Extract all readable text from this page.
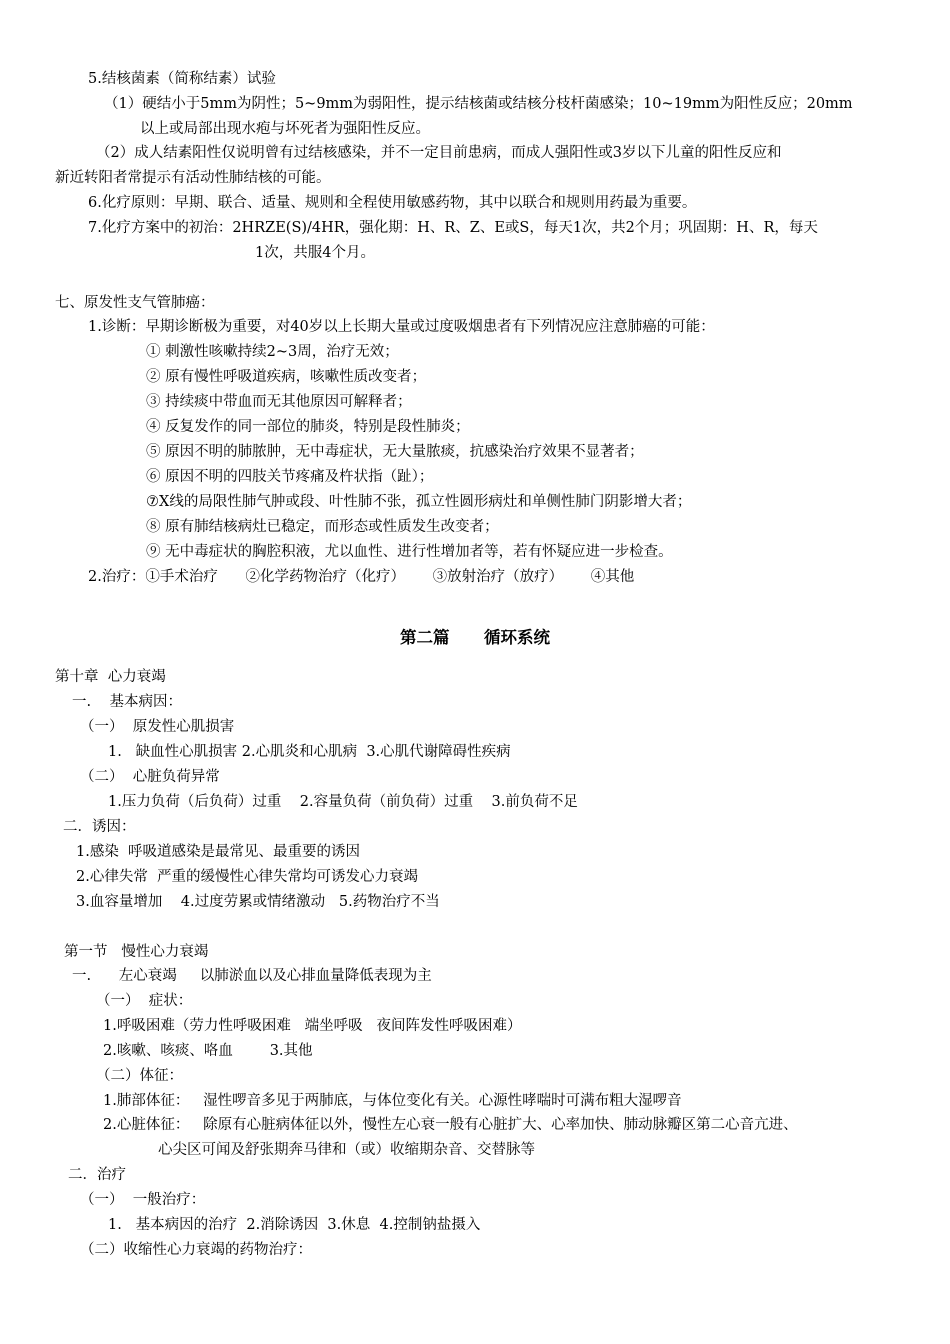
第二篇      循环系统
5.结核菌素（简称结素）试验
（1）硬结小于5mm为阴性；5~9mm为弱阳性，提示结核菌或结核分枝杆菌感染；10~19mm为阳性反应；20mm
以上或局部出现水疱与坏死者为强阳性反应。
（2）成人结素阳性仅说明曾有过结核感染，并不一定目前患病，而成人强阳性或3岁以下儿童的阳性反应和
新近转阳者常提示有活动性肺结核的可能。
6.化疗原则：早期、联合、适量、规则和全程使用敏感药物，其中以联合和规则用药最为重要。
7.化疗方案中的初治：2HRZE(S)/4HR，强化期：H、R、Z、E或S，每天1次，共2个月；巩固期：H、R，每天
1次，共服4个月。
七、原发性支气管肺癌：
1.诊断：早期诊断极为重要，对40岁以上长期大量或过度吸烟患者有下列情况应注意肺癌的可能：
① 刺激性咳嗽持续2~3周，治疗无效；
② 原有慢性呼吸道疾病，咳嗽性质改变者；
③ 持续痰中带血而无其他原因可解释者；
④ 反复发作的同一部位的肺炎，特别是段性肺炎；
⑤ 原因不明的肺脓肿，无中毒症状，无大量脓痰，抗感染治疗效果不显著者；
⑥ 原因不明的四肢关节疼痛及杵状指（趾）；
⑦X线的局限性肺气肿或段、叶性肺不张，孤立性圆形病灶和单侧性肺门阴影增大者；
⑧ 原有肺结核病灶已稳定，而形态或性质发生改变者；
⑨ 无中毒症状的胸腔积液，尤以血性、进行性增加者等，若有怀疑应进一步检查。
2.治疗：①手术治疗      ②化学药物治疗（化疗）      ③放射治疗（放疗）      ④其他
第十章  心力衰竭
一.    基本病因：
（一）  原发性心肌损害
1.   缺血性心肌损害 2.心肌炎和心肌病  3.心肌代谢障碍性疾病
（二）  心脏负荷异常
1.压力负荷（后负荷）过重    2.容量负荷（前负荷）过重    3.前负荷不足
二．诱因：
1.感染  呼吸道感染是最常见、最重要的诱因
2.心律失常  严重的缓慢性心律失常均可诱发心力衰竭
3.血容量增加    4.过度劳累或情绪激动   5.药物治疗不当
第一节   慢性心力衰竭
一.      左心衰竭     以肺淤血以及心排血量降低表现为主
（一）  症状：
1.呼吸困难（劳力性呼吸困难   端坐呼吸   夜间阵发性呼吸困难）
2.咳嗽、咳痰、咯血        3.其他
（二）体征：
1.肺部体征：   湿性啰音多见于两肺底，与体位变化有关。心源性哮喘时可满布粗大湿啰音
2.心脏体征：   除原有心脏病体征以外，慢性左心衰一般有心脏扩大、心率加快、肺动脉瓣区第二心音亢进、
心尖区可闻及舒张期奔马律和（或）收缩期杂音、交替脉等
二．治疗
（一）  一般治疗：
1.   基本病因的治疗  2.消除诱因  3.休息  4.控制钠盐摄入
（二）收缩性心力衰竭的药物治疗：
